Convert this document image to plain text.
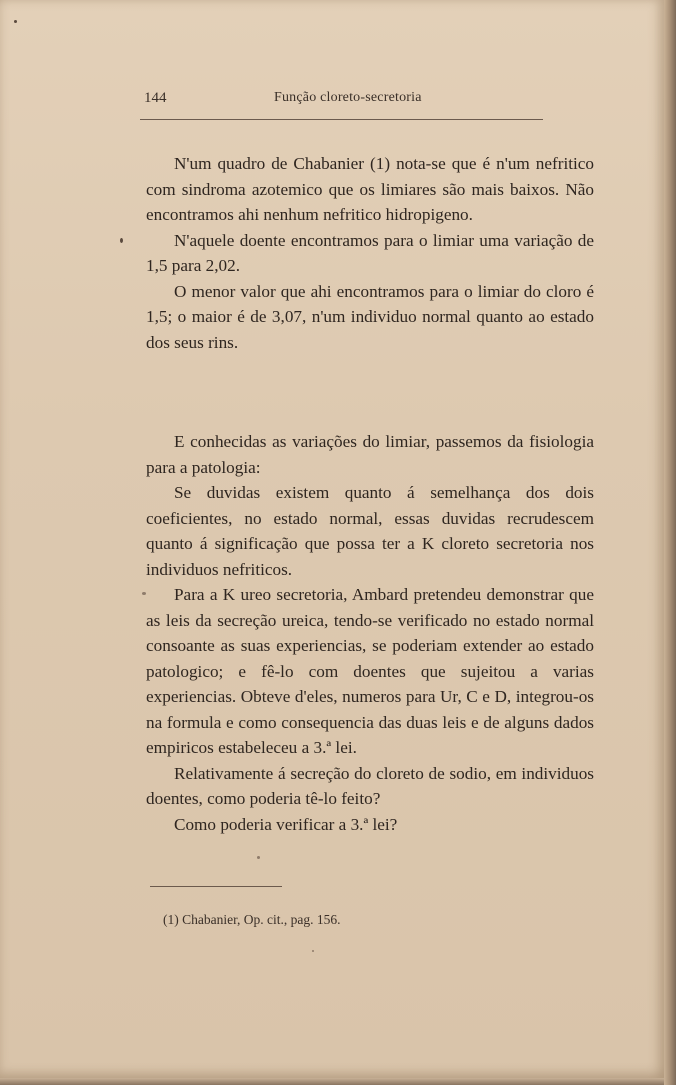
144	Função cloreto-secretoria

N'um quadro de Chabanier (1) nota-se que é n'um nefritico com sindroma azotemico que os limiares são mais baixos. Não encontramos ahi nenhum nefritico hidropigeno.

N'aquele doente encontramos para o limiar uma variação de 1,5 para 2,02.

O menor valor que ahi encontramos para o limiar do cloro é 1,5; o maior é de 3,07, n'um individuo normal quanto ao estado dos seus rins.

E conhecidas as variações do limiar, passemos da fisiologia para a patologia:

Se duvidas existem quanto á semelhança dos dois coeficientes, no estado normal, essas duvidas recrudescem quanto á significação que possa ter a K cloreto secretoria nos individuos nefriticos.

Para a K ureo secretoria, Ambard pretendeu demonstrar que as leis da secreção ureica, tendo-se verificado no estado normal consoante as suas experiencias, se poderiam extender ao estado patologico; e fê-lo com doentes que sujeitou a varias experiencias. Obteve d'eles, numeros para Ur, C e D, integrou-os na formula e como consequencia das duas leis e de alguns dados empiricos estabeleceu a 3.ª lei.

Relativamente á secreção do cloreto de sodio, em individuos doentes, como poderia tê-lo feito?

Como poderia verificar a 3.ª lei?

(1) Chabanier, Op. cit., pag. 156.
